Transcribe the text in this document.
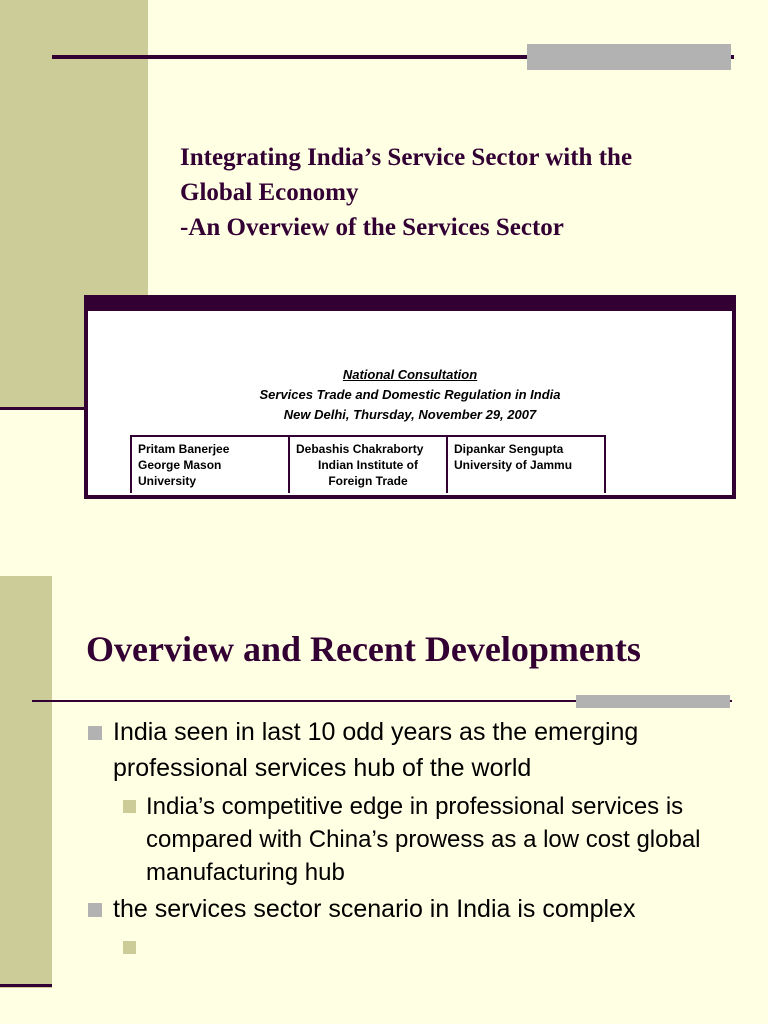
Integrating India’s Service Sector with the
Global Economy
-An Overview of the Services Sector
National Consultation
Services Trade and Domestic Regulation in India
New Delhi, Thursday, November 29, 2007
Pritam Banerjee
George Mason University

Debashis Chakraborty
Indian Institute of Foreign Trade

Dipankar Sengupta
University of Jammu
Overview and Recent Developments
India seen in last 10 odd years as the emerging professional services hub of the world
India’s competitive edge in professional services is compared with China’s prowess as a low cost global manufacturing hub
the services sector scenario in India is complex
